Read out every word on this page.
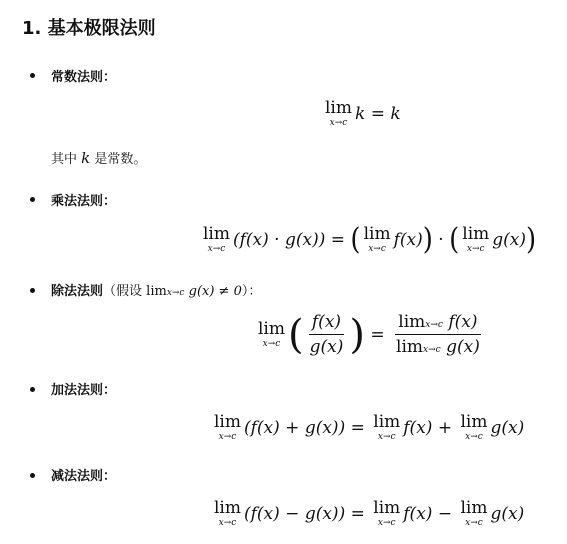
1. 基本极限法则
常数法则：
lim
x→c k
=
k
其中 k 是常数。
乘法法则：
lim
x→c (f(x) · g(x))
=
( lim
x→c f(x) )
·
( lim
x→c g(x) )
除法法则（假设 limx→c g(x) ≠ 0）：
lim
x→c ( $\frac{f(x)}{g(x)}$ )
=
$\frac{\text{limx→c f(x)}}{\text{limx→c g(x)}}$
加法法则：
lim
x→c (f(x) + g(x))
=
lim
x→c f(x)
+
lim
x→c g(x)
减法法则：
lim
x→c (f(x) − g(x))
=
lim
x→c f(x)
−
lim
x→c g(x)
